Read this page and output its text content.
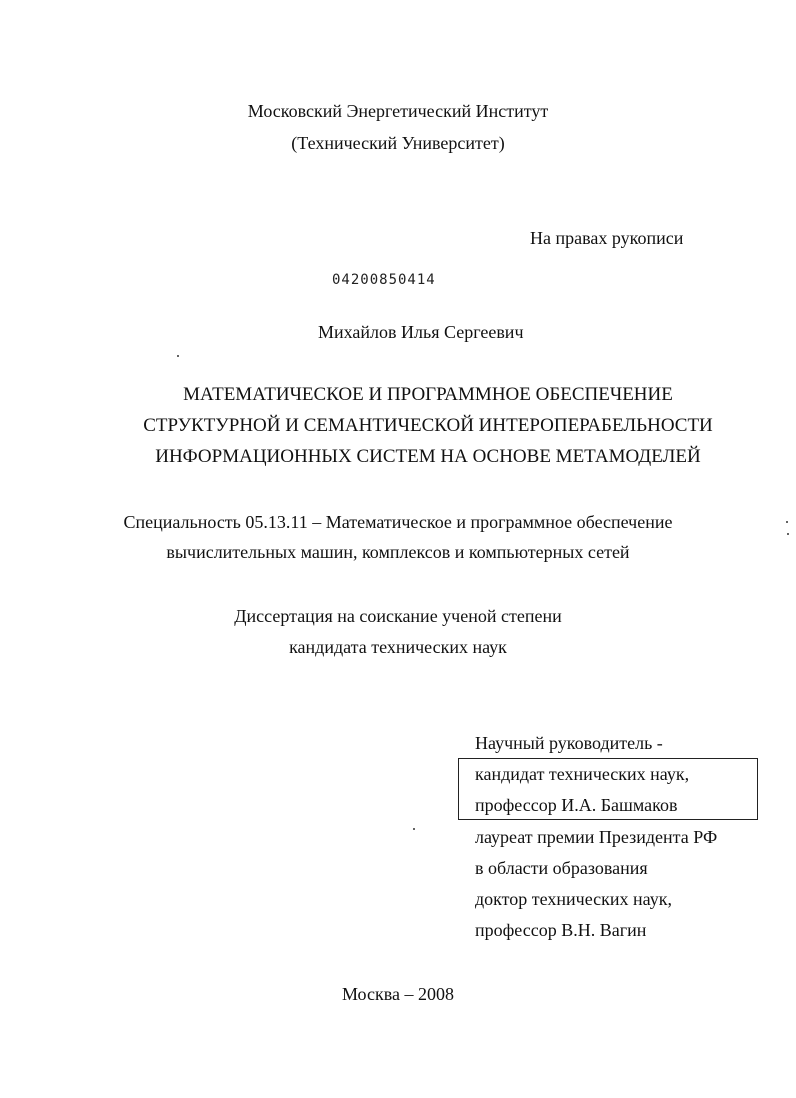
Московский Энергетический Институт
(Технический Университет)
На правах рукописи
04200850414
Михайлов Илья Сергеевич
МАТЕМАТИЧЕСКОЕ И ПРОГРАММНОЕ ОБЕСПЕЧЕНИЕ
СТРУКТУРНОЙ И СЕМАНТИЧЕСКОЙ ИНТЕРОПЕРАБЕЛЬНОСТИ
ИНФОРМАЦИОННЫХ СИСТЕМ НА ОСНОВЕ МЕТАМОДЕЛЕЙ
Специальность 05.13.11 – Математическое и программное обеспечение
вычислительных машин, комплексов и компьютерных сетей
Диссертация на соискание ученой степени
кандидата технических наук
Научный руководитель -
кандидат технических наук,
профессор И.А. Башмаков
лауреат премии Президента РФ
в области образования
доктор технических наук,
профессор В.Н. Вагин
Москва – 2008
